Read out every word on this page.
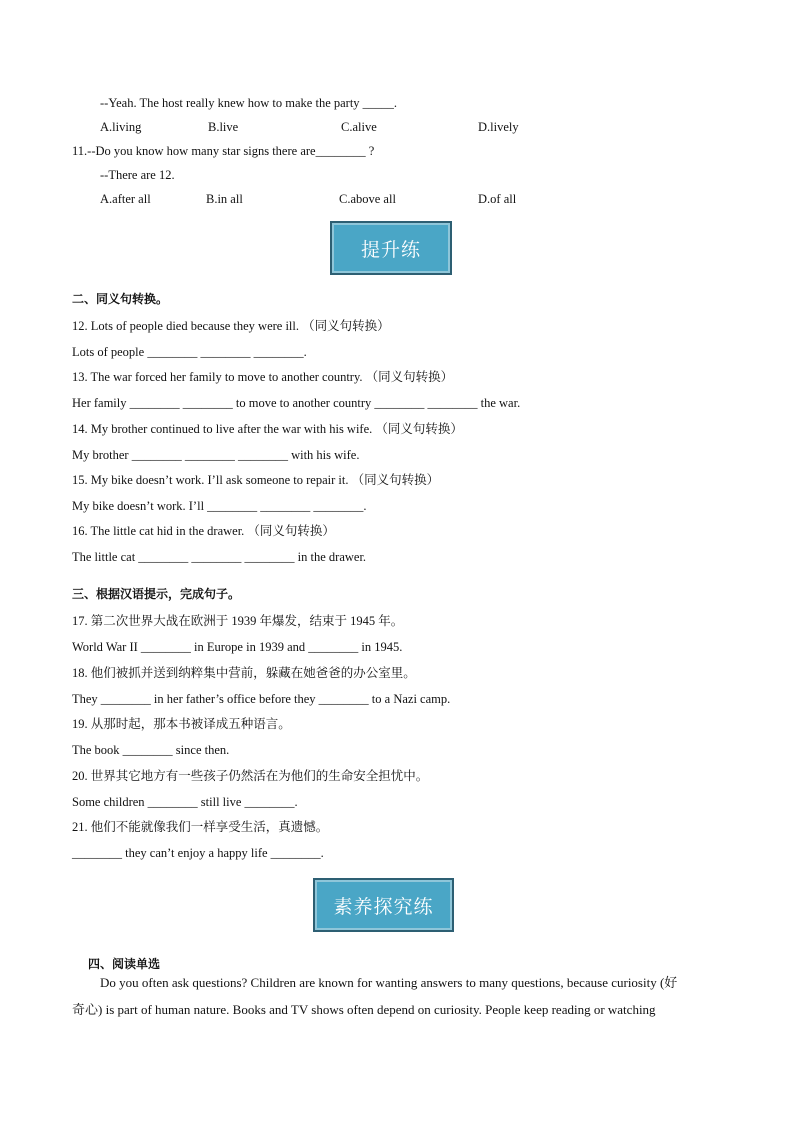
--Yeah. The host really knew how to make the party _____.
A.living	B.live	C.alive	D.lively
11.--Do you know how many star signs there are________ ?
--There are 12.
A.after all	B.in all	C.above all	D.of all
提升练
二、同义句转换。
12. Lots of people died because they were ill. （同义句转换）
Lots of people ________ ________ ________.
13. The war forced her family to move to another country. （同义句转换）
Her family ________ ________ to move to another country ________ ________ the war.
14. My brother continued to live after the war with his wife. （同义句转换）
My brother ________ ________ ________ with his wife.
15. My bike doesn’t work. I’ll ask someone to repair it. （同义句转换）
My bike doesn’t work. I’ll ________ ________ ________.
16. The little cat hid in the drawer. （同义句转换）
The little cat ________ ________ ________ in the drawer.
三、根据汉语提示，完成句子。
17. 第二次世界大战在欧洲于 1939 年爆发，结束于 1945 年。
World War II ________ in Europe in 1939 and ________ in 1945.
18. 他们被抓并送到纳粹集中营前，躲藏在她爸爸的办公室里。
They ________ in her father’s office before they ________ to a Nazi camp.
19. 从那时起，那本书被译成五种语言。
The book ________ since then.
20. 世界其它地方有一些孩子仍然活在为他们的生命安全担忧中。
Some children ________ still live ________.
21. 他们不能就像我们一样享受生活，真遗憾。
________ they can’t enjoy a happy life ________.
素养探究练
四、阅读单选
Do you often ask questions? Children are known for wanting answers to many questions, because curiosity (好
奇心) is part of human nature. Books and TV shows often depend on curiosity. People keep reading or watching
